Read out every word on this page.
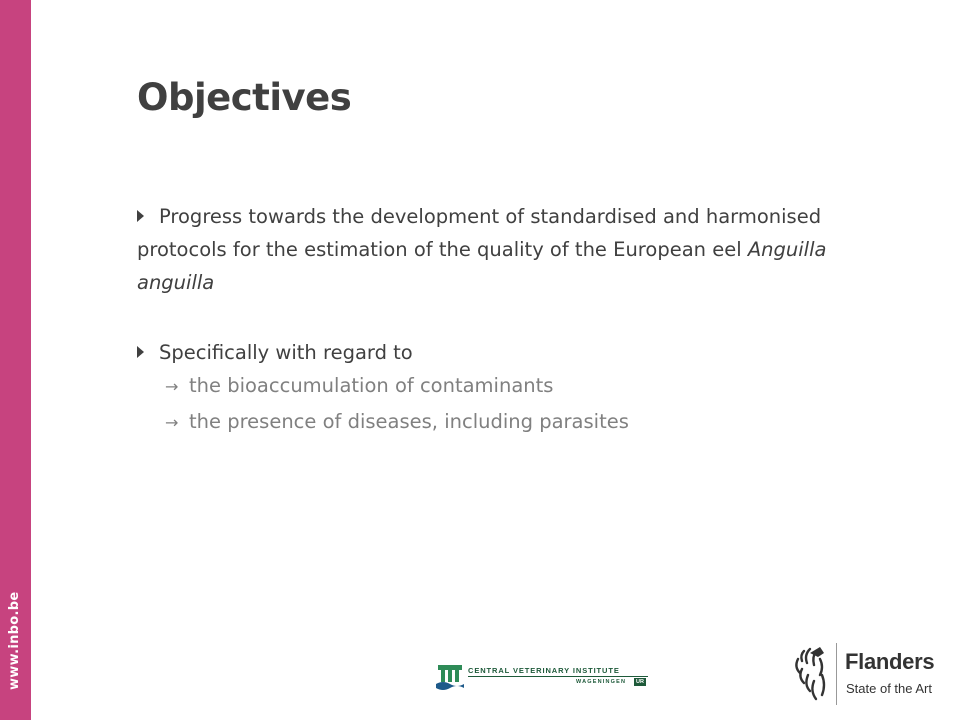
www.inbo.be
Objectives
Progress towards the development of standardised and harmonised protocols for the estimation of the quality of the European eel Anguilla anguilla
Specifically with regard to
→ the bioaccumulation of contaminants
→ the presence of diseases, including parasites
CENTRAL VETERINARY INSTITUTE
WAGENINGEN	UR
Flanders
State of the Art
